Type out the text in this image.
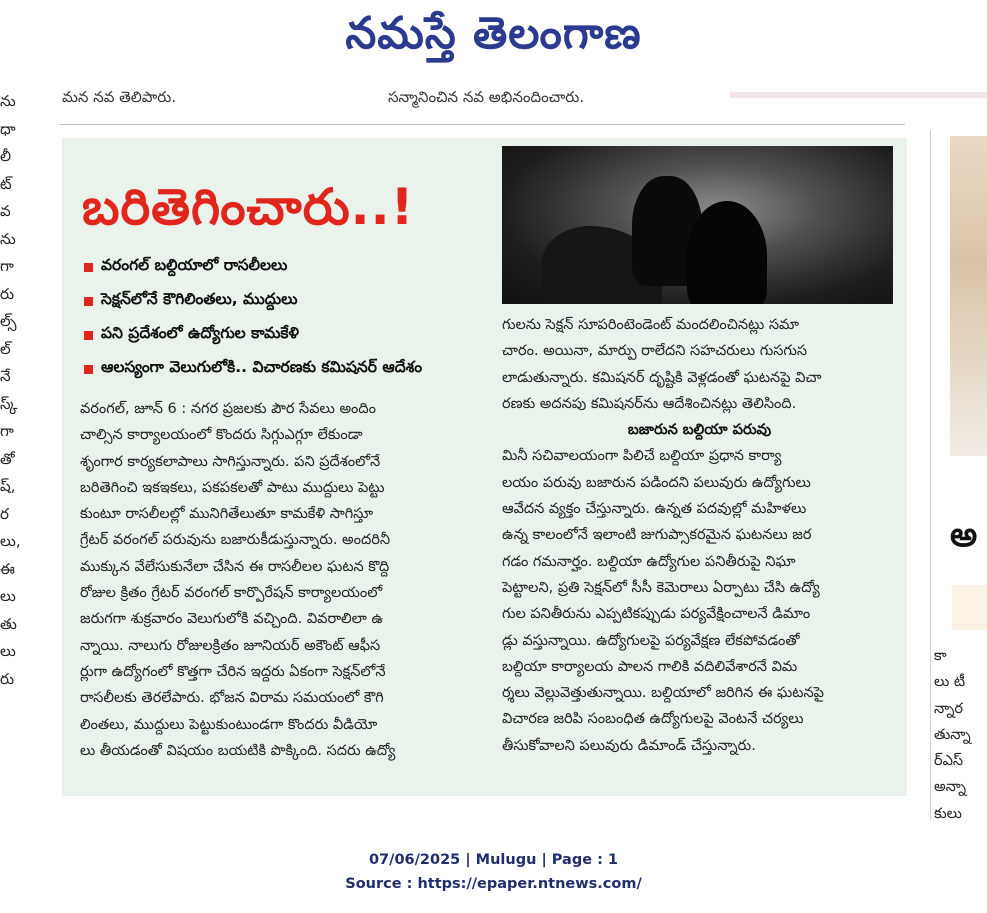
నమస్తే తెలంగాణ
మన నవ తెలిపారు.	సన్మానించిన నవ అభినందించారు.
ను
ధా
లీ
ట్
వ
ను
గా
రు
ల్స్
ల్
నే
స్క్
గా
తో
ష్,
ర
లు,
ఈ
లు
తు
లు
రు
బరితెగించారు..!
వరంగల్ బల్దియాలో రాసలీలలు
సెక్షన్‌లోనే కౌగిలింతలు, ముద్దులు
పని ప్రదేశంలో ఉద్యోగుల కామకేళి
ఆలస్యంగా వెలుగులోకి.. విచారణకు కమిషనర్ ఆదేశం
వరంగల్, జూన్ 6 : నగర ప్రజలకు పౌర సేవలు అందిం
చాల్సిన కార్యాలయంలో కొందరు సిగ్గుఎగ్గూ లేకుండా
శృంగార కార్యకలాపాలు సాగిస్తున్నారు. పని ప్రదేశంలోనే
బరితెగించి ఇకఇకలు, పకపకలతో పాటు ముద్దులు పెట్టు
కుంటూ రాసలీలల్లో మునిగితేలుతూ కామకేళి సాగిస్తూ
గ్రేటర్ వరంగల్ పరువును బజారుకీడుస్తున్నారు. అందరినీ
ముక్కున వేలేసుకునేలా చేసిన ఈ రాసలీలల ఘటన కొద్ది
రోజుల క్రితం గ్రేటర్ వరంగల్ కార్పొరేషన్ కార్యాలయంలో
జరుగగా శుక్రవారం వెలుగులోకి వచ్చింది. వివరాలిలా ఉ
న్నాయి. నాలుగు రోజులక్రితం జూనియర్ అకౌంట్ ఆఫీస
ర్లుగా ఉద్యోగంలో కొత్తగా చేరిన ఇద్దరు ఏకంగా సెక్షన్‌లోనే
రాసలీలకు తెరలేపారు. భోజన విరామ సమయంలో కౌగి
లింతలు, ముద్దులు పెట్టుకుంటుండగా కొందరు వీడియో
లు తీయడంతో విషయం బయటికి పొక్కింది. సదరు ఉద్యో
గులను సెక్షన్ సూపరింటెండెంట్ మందలించినట్లు సమా
చారం. అయినా, మార్పు రాలేదని సహచరులు గుసగుస
లాడుతున్నారు. కమిషనర్ దృష్టికి వెళ్లడంతో ఘటనపై విచా
రణకు అదనపు కమిషనర్‌ను ఆదేశించినట్లు తెలిసింది.
బజారున బల్దియా పరువు
మినీ సచివాలయంగా పిలిచే బల్దియా ప్రధాన కార్యా
లయం పరువు బజారున పడిందని పలువురు ఉద్యోగులు
ఆవేదన వ్యక్తం చేస్తున్నారు. ఉన్నత పదవుల్లో మహిళలు
ఉన్న కాలంలోనే ఇలాంటి జుగుప్సాకరమైన ఘటనలు జర
గడం గమనార్హం. బల్దియా ఉద్యోగుల పనితీరుపై నిఘా
పెట్టాలని, ప్రతి సెక్షన్‌లో సీసీ కెమెరాలు ఏర్పాటు చేసి ఉద్యో
గుల పనితీరును ఎప్పటికప్పుడు పర్యవేక్షించాలనే డిమాం
డ్లు వస్తున్నాయి. ఉద్యోగులపై పర్యవేక్షణ లేకపోవడంతో
బల్దియా కార్యాలయ పాలన గాలికి వదిలివేశారనే విమ
ర్శలు వెల్లువెత్తుతున్నాయి. బల్దియాలో జరిగిన ఈ ఘటనపై
విచారణ జరిపి సంబంధిత ఉద్యోగులపై వెంటనే చర్యలు
తీసుకోవాలని పలువురు డిమాండ్ చేస్తున్నారు.
అ
కా
లు టీ
న్నార
తున్నా
ర్ఎస్
అన్నా
కులు
07/06/2025 | Mulugu | Page : 1
Source : https://epaper.ntnews.com/
